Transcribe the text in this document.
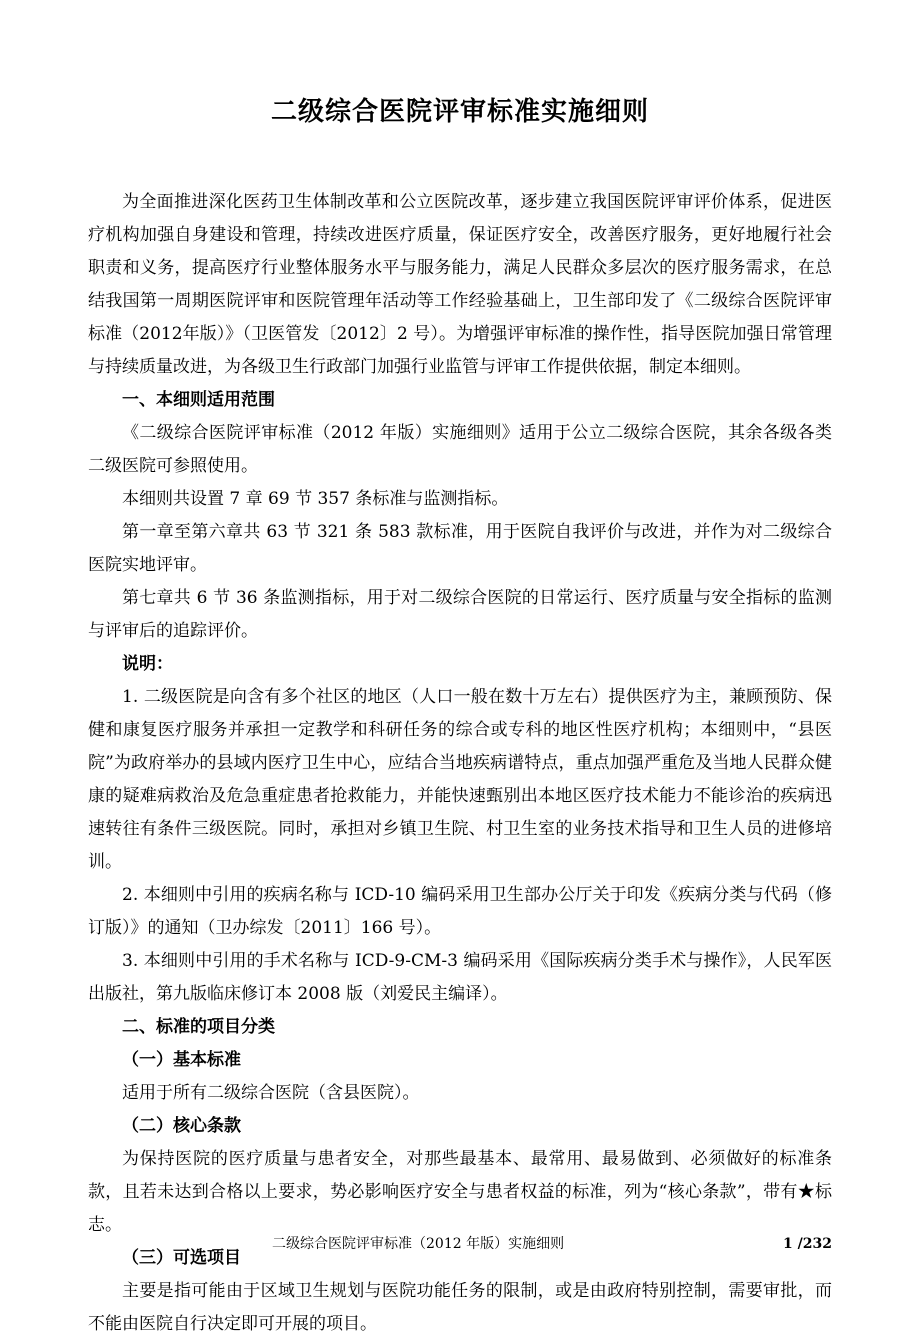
二级综合医院评审标准实施细则

为全面推进深化医药卫生体制改革和公立医院改革，逐步建立我国医院评审评价体系，促进医疗机构加强自身建设和管理，持续改进医疗质量，保证医疗安全，改善医疗服务，更好地履行社会职责和义务，提高医疗行业整体服务水平与服务能力，满足人民群众多层次的医疗服务需求，在总结我国第一周期医院评审和医院管理年活动等工作经验基础上，卫生部印发了《二级综合医院评审标准（2012年版）》（卫医管发〔2012〕2 号）。为增强评审标准的操作性，指导医院加强日常管理与持续质量改进，为各级卫生行政部门加强行业监管与评审工作提供依据，制定本细则。

一、本细则适用范围

《二级综合医院评审标准（2012 年版）实施细则》适用于公立二级综合医院，其余各级各类二级医院可参照使用。

本细则共设置 7 章 69 节 357 条标准与监测指标。

第一章至第六章共 63 节 321 条 583 款标准，用于医院自我评价与改进，并作为对二级综合医院实地评审。

第七章共 6 节 36 条监测指标，用于对二级综合医院的日常运行、医疗质量与安全指标的监测与评审后的追踪评价。

说明：

1. 二级医院是向含有多个社区的地区（人口一般在数十万左右）提供医疗为主，兼顾预防、保健和康复医疗服务并承担一定教学和科研任务的综合或专科的地区性医疗机构；本细则中，“县医院”为政府举办的县域内医疗卫生中心，应结合当地疾病谱特点，重点加强严重危及当地人民群众健康的疑难病救治及危急重症患者抢救能力，并能快速甄别出本地区医疗技术能力不能诊治的疾病迅速转往有条件三级医院。同时，承担对乡镇卫生院、村卫生室的业务技术指导和卫生人员的进修培训。

2. 本细则中引用的疾病名称与 ICD-10 编码采用卫生部办公厅关于印发《疾病分类与代码（修订版）》的通知（卫办综发〔2011〕166 号）。

3. 本细则中引用的手术名称与 ICD-9-CM-3 编码采用《国际疾病分类手术与操作》，人民军医出版社，第九版临床修订本 2008 版（刘爱民主编译）。

二、标准的项目分类

（一）基本标准

适用于所有二级综合医院（含县医院）。

（二）核心条款

为保持医院的医疗质量与患者安全，对那些最基本、最常用、最易做到、必须做好的标准条款，且若未达到合格以上要求，势必影响医疗安全与患者权益的标准，列为“核心条款”，带有★标志。

（三）可选项目

主要是指可能由于区域卫生规划与医院功能任务的限制，或是由政府特别控制，需要审批，而不能由医院自行决定即可开展的项目。

二级综合医院评审标准（2012 年版）实施细则	1 /232
